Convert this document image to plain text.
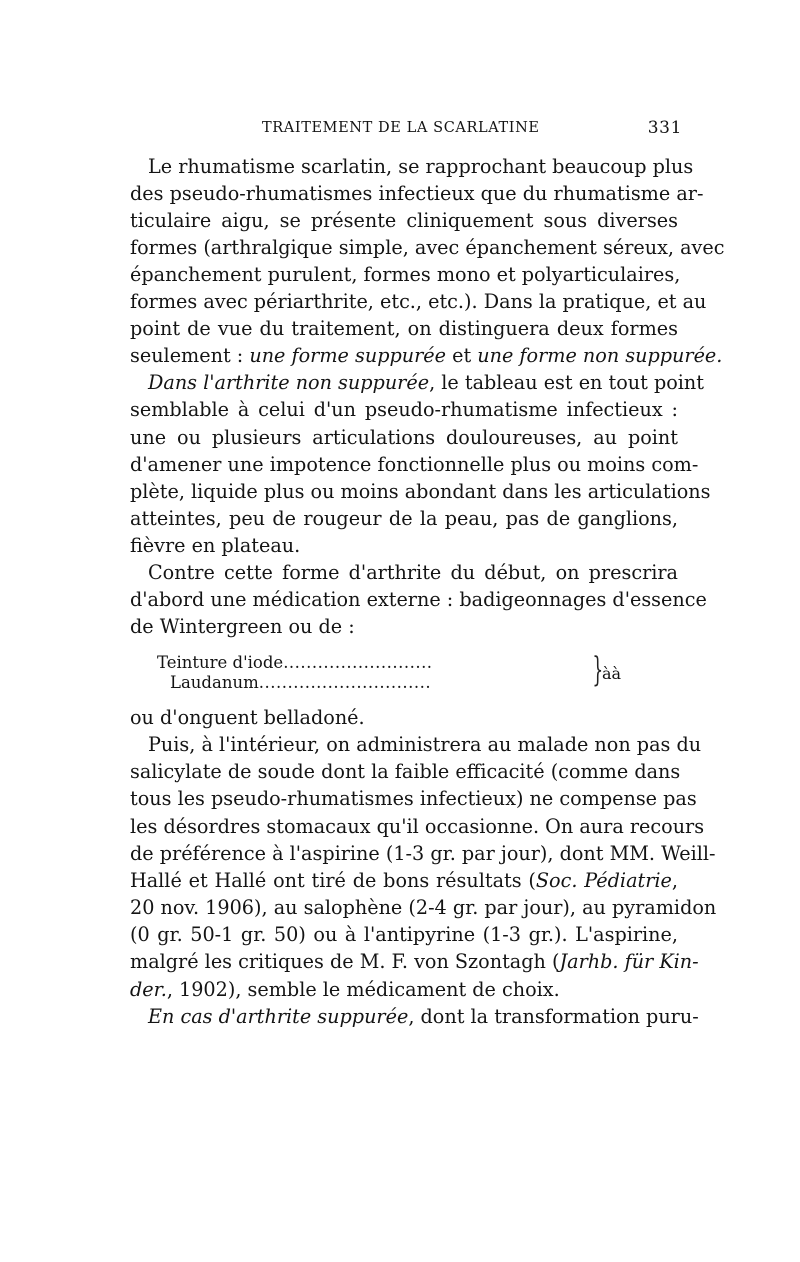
TRAITEMENT DE LA SCARLATINE	331
Le rhumatisme scarlatin, se rapprochant beaucoup plus
des pseudo-rhumatismes infectieux que du rhumatisme ar-
ticulaire aigu, se présente cliniquement sous diverses
formes (arthralgique simple, avec épanchement séreux, avec
épanchement purulent, formes mono et polyarticulaires,
formes avec périarthrite, etc., etc.). Dans la pratique, et au
point de vue du traitement, on distinguera deux formes
seulement : une forme suppurée et une forme non suppurée.
Dans l'arthrite non suppurée, le tableau est en tout point
semblable à celui d'un pseudo-rhumatisme infectieux :
une ou plusieurs articulations douloureuses, au point
d'amener une impotence fonctionnelle plus ou moins com-
plète, liquide plus ou moins abondant dans les articulations
atteintes, peu de rougeur de la peau, pas de ganglions,
fièvre en plateau.
Contre cette forme d'arthrite du début, on prescrira
d'abord une médication externe : badigeonnages d'essence
de Wintergreen ou de :
ou d'onguent belladoné.
Puis, à l'intérieur, on administrera au malade non pas du
salicylate de soude dont la faible efficacité (comme dans
tous les pseudo-rhumatismes infectieux) ne compense pas
les désordres stomacaux qu'il occasionne. On aura recours
de préférence à l'aspirine (1-3 gr. par jour), dont MM. Weill-
Hallé et Hallé ont tiré de bons résultats (Soc. Pédiatrie,
20 nov. 1906), au salophène (2-4 gr. par jour), au pyramidon
(0 gr. 50-1 gr. 50) ou à l'antipyrine (1-3 gr.). L'aspirine,
malgré les critiques de M. F. von Szontagh (Jarhb. für Kin-
der., 1902), semble le médicament de choix.
En cas d'arthrite suppurée, dont la transformation puru-
Teinture d'iode..........................
Laudanum..............................	}
àà
